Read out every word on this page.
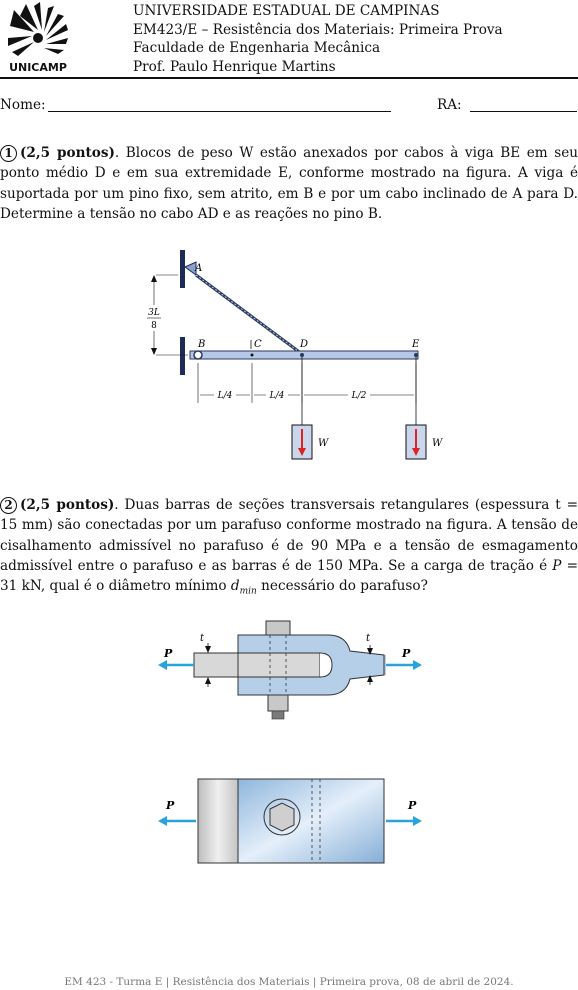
UNICAMP
UNIVERSIDADE ESTADUAL DE CAMPINAS
EM423/E – Resistência dos Materiais: Primeira Prova
Faculdade de Engenharia Mecânica
Prof. Paulo Henrique Martins
Nome:	RA:
1 (2,5 pontos). Blocos de peso W estão anexados por cabos à viga BE em seu ponto médio D e em sua extremidade E, conforme mostrado na figura. A viga é suportada por um pino fixo, sem atrito, em B e por um cabo inclinado de A para D. Determine a tensão no cabo AD e as reações no pino B.
A
B	C	D	E
3L
8
L/4	L/4	L/2
W	W
2 (2,5 pontos). Duas barras de seções transversais retangulares (espessura t = 15 mm) são conectadas por um parafuso conforme mostrado na figura. A tensão de cisalhamento admissível no parafuso é de 90 MPa e a tensão de esmagamento admissível entre o parafuso e as barras é de 150 MPa. Se a carga de tração é P = 31 kN, qual é o diâmetro mínimo $d_{min}$ necessário do parafuso?
t	t
P	P
P	P
EM 423 - Turma E | Resistência dos Materiais | Primeira prova, 08 de abril de 2024.
